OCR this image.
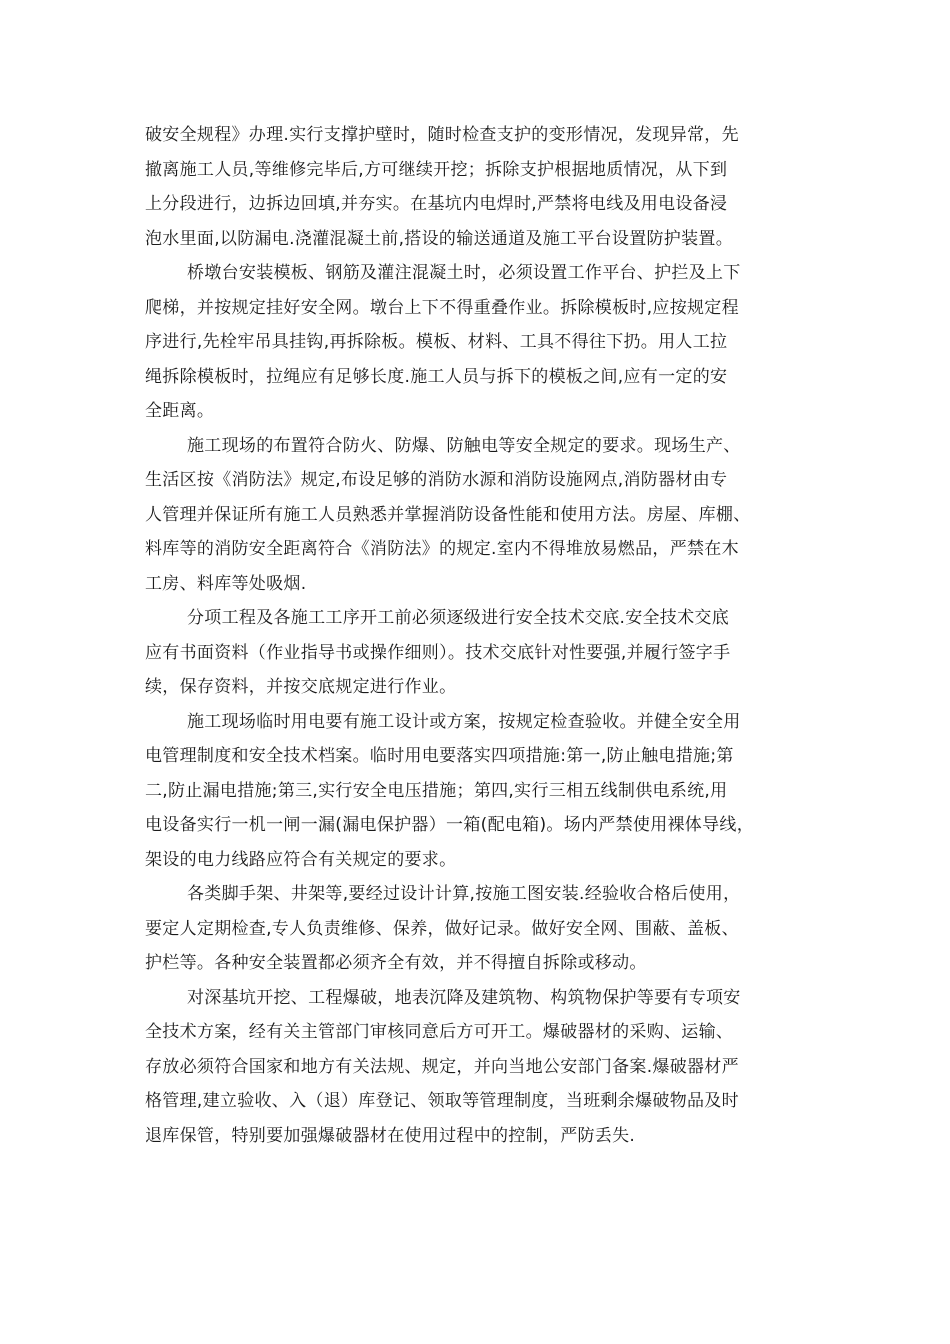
破安全规程》办理.实行支撑护壁时，随时检查支护的变形情况，发现异常，先
撤离施工人员,等维修完毕后,方可继续开挖；拆除支护根据地质情况，从下到
上分段进行，边拆边回填,并夯实。在基坑内电焊时,严禁将电线及用电设备浸
泡水里面,以防漏电.浇灌混凝土前,搭设的输送通道及施工平台设置防护装置。
桥墩台安装模板、钢筋及灌注混凝土时，必须设置工作平台、护拦及上下
爬梯，并按规定挂好安全网。墩台上下不得重叠作业。拆除模板时,应按规定程
序进行,先栓牢吊具挂钩,再拆除板。模板、材料、工具不得往下扔。用人工拉
绳拆除模板时，拉绳应有足够长度.施工人员与拆下的模板之间,应有一定的安
全距离。
施工现场的布置符合防火、防爆、防触电等安全规定的要求。现场生产、
生活区按《消防法》规定,布设足够的消防水源和消防设施网点,消防器材由专
人管理并保证所有施工人员熟悉并掌握消防设备性能和使用方法。房屋、库棚、
料库等的消防安全距离符合《消防法》的规定.室内不得堆放易燃品，严禁在木
工房、料库等处吸烟.
分项工程及各施工工序开工前必须逐级进行安全技术交底.安全技术交底
应有书面资料（作业指导书或操作细则）。技术交底针对性要强,并履行签字手
续，保存资料，并按交底规定进行作业。
施工现场临时用电要有施工设计或方案，按规定检查验收。并健全安全用
电管理制度和安全技术档案。临时用电要落实四项措施:第一,防止触电措施;第
二,防止漏电措施;第三,实行安全电压措施；第四,实行三相五线制供电系统,用
电设备实行一机一闸一漏(漏电保护器）一箱(配电箱)。场内严禁使用裸体导线，
架设的电力线路应符合有关规定的要求。
各类脚手架、井架等,要经过设计计算,按施工图安装.经验收合格后使用，
要定人定期检查,专人负责维修、保养，做好记录。做好安全网、围蔽、盖板、
护栏等。各种安全装置都必须齐全有效，并不得擅自拆除或移动。
对深基坑开挖、工程爆破，地表沉降及建筑物、构筑物保护等要有专项安
全技术方案，经有关主管部门审核同意后方可开工。爆破器材的采购、运输、
存放必须符合国家和地方有关法规、规定，并向当地公安部门备案.爆破器材严
格管理,建立验收、入（退）库登记、领取等管理制度，当班剩余爆破物品及时
退库保管，特别要加强爆破器材在使用过程中的控制，严防丢失.
